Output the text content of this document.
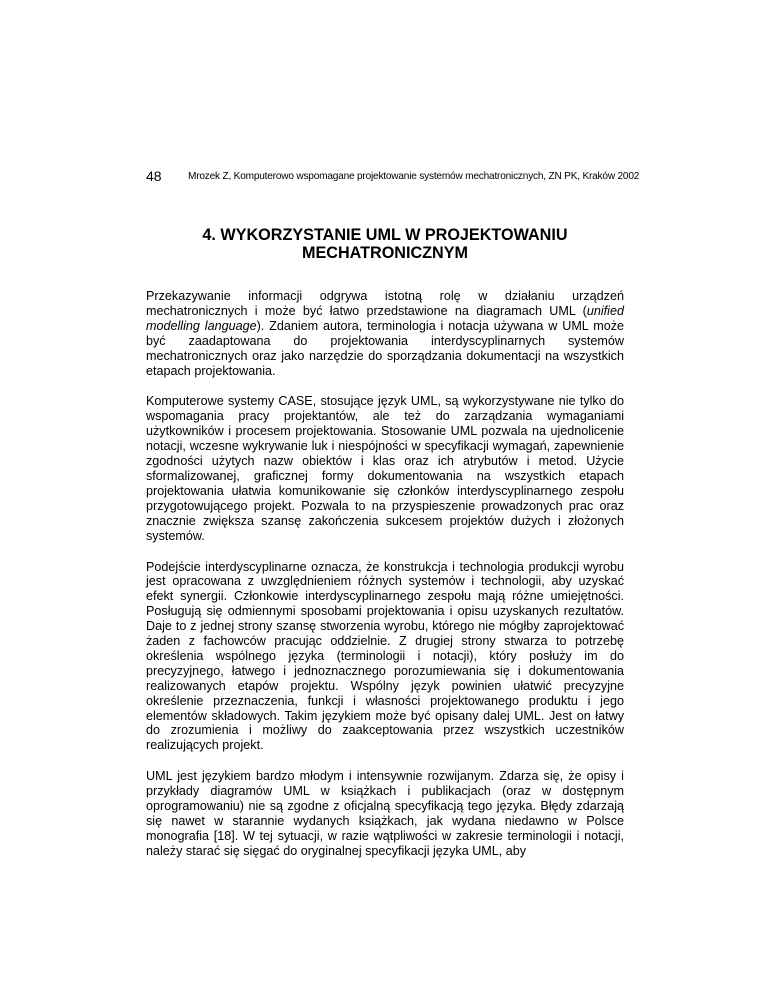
48	Mrozek Z, Komputerowo wspomagane projektowanie systemów mechatronicznych, ZN PK, Kraków 2002
4. WYKORZYSTANIE UML W PROJEKTOWANIU
MECHATRONICZNYM

Przekazywanie informacji odgrywa istotną rolę w działaniu urządzeń mechatronicznych i może być łatwo przedstawione na diagramach UML (unified modelling language). Zdaniem autora, terminologia i notacja używana w UML może być zaadaptowana do projektowania interdyscyplinarnych systemów mechatronicznych oraz jako narzędzie do sporządzania dokumentacji na wszystkich etapach projektowania.

Komputerowe systemy CASE, stosujące język UML, są wykorzystywane nie tylko do wspomagania pracy projektantów, ale też do zarządzania wymaganiami użytkowników i procesem projektowania. Stosowanie UML pozwala na ujednolicenie notacji, wczesne wykrywanie luk i niespójności w specyfikacji wymagań, zapewnienie zgodności użytych nazw obiektów i klas oraz ich atrybutów i metod. Użycie sformalizowanej, graficznej formy dokumentowania na wszystkich etapach projektowania ułatwia komunikowanie się członków interdyscyplinarnego zespołu przygotowującego projekt. Pozwala to na przyspieszenie prowadzonych prac oraz znacznie zwiększa szansę zakończenia sukcesem projektów dużych i złożonych systemów.

Podejście interdyscyplinarne oznacza, że konstrukcja i technologia produkcji wyrobu jest opracowana z uwzględnieniem różnych systemów i technologii, aby uzyskać efekt synergii. Członkowie interdyscyplinarnego zespołu mają różne umiejętności. Posługują się odmiennymi sposobami projektowania i opisu uzyskanych rezultatów. Daje to z jednej strony szansę stworzenia wyrobu, którego nie mógłby zaprojektować żaden z fachowców pracując oddzielnie. Z drugiej strony stwarza to potrzebę określenia wspólnego języka (terminologii i notacji), który posłuży im do precyzyjnego, łatwego i jednoznacznego porozumiewania się i dokumentowania realizowanych etapów projektu. Wspólny język powinien ułatwić precyzyjne określenie przeznaczenia, funkcji i własności projektowanego produktu i jego elementów składowych. Takim językiem może być opisany dalej UML. Jest on łatwy do zrozumienia i możliwy do zaakceptowania przez wszystkich uczestników realizujących projekt.

UML jest językiem bardzo młodym i intensywnie rozwijanym. Zdarza się, że opisy i przykłady diagramów UML w książkach i publikacjach (oraz w dostępnym oprogramowaniu) nie są zgodne z oficjalną specyfikacją tego języka. Błędy zdarzają się nawet w starannie wydanych książkach, jak wydana niedawno w Polsce monografia [18]. W tej sytuacji, w razie wątpliwości w zakresie terminologii i notacji, należy starać się sięgać do oryginalnej specyfikacji języka UML, aby
